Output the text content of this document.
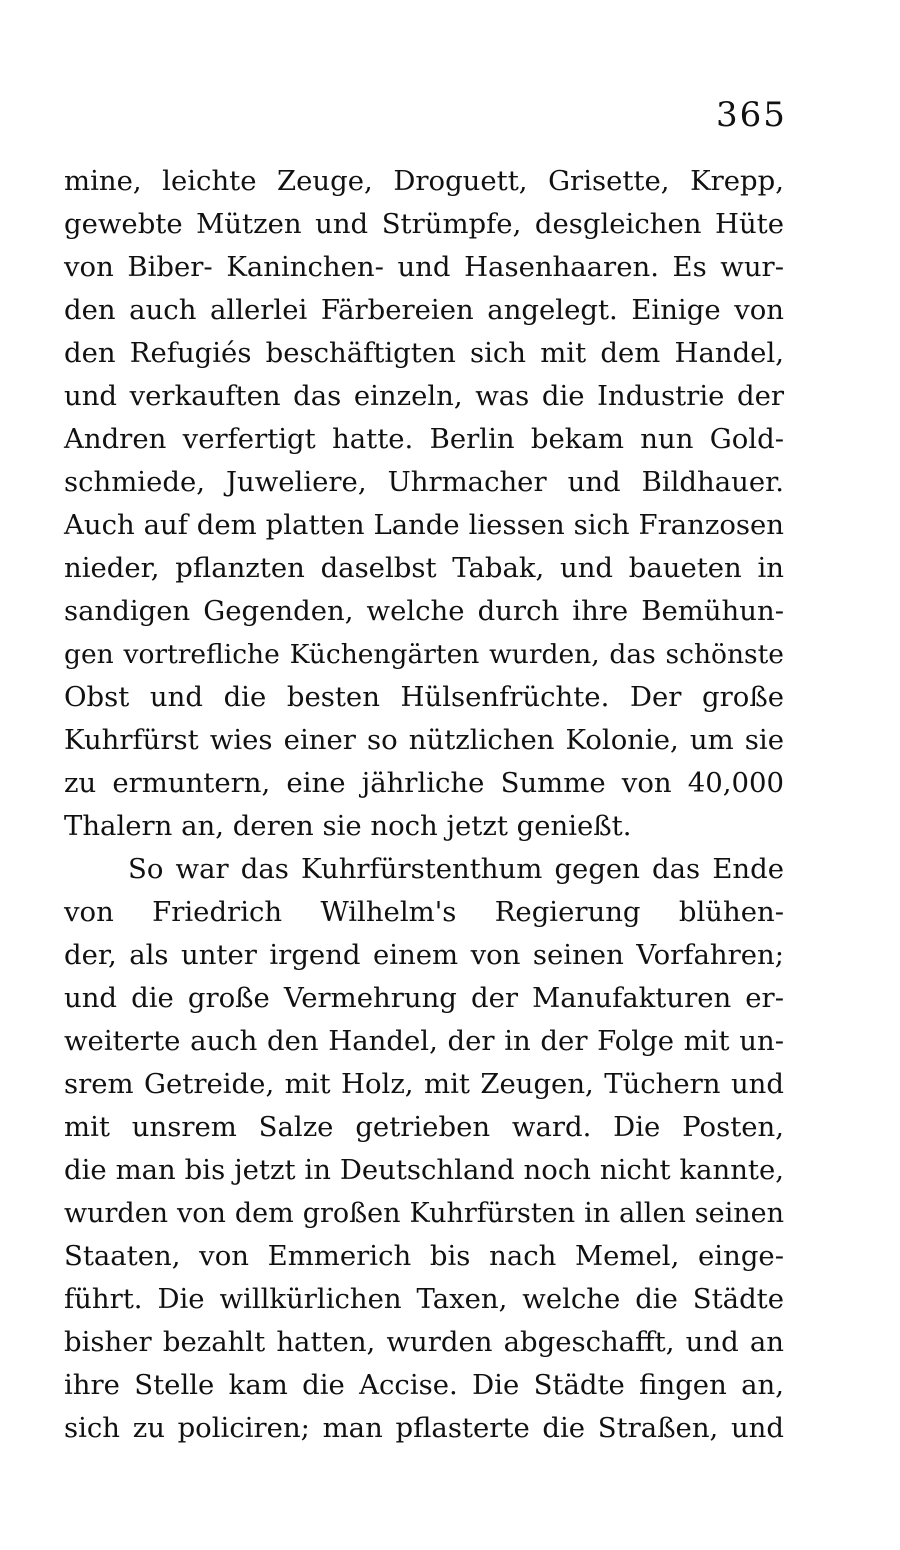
365
mine, leichte Zeuge, Droguett, Grisette, Krepp,
gewebte Mützen und Strümpfe, desgleichen Hüte
von Biber- Kaninchen- und Hasenhaaren. Es wur-
den auch allerlei Färbereien angelegt. Einige von
den Refugiés beschäftigten sich mit dem Handel,
und verkauften das einzeln, was die Industrie der
Andren verfertigt hatte. Berlin bekam nun Gold-
schmiede, Juweliere, Uhrmacher und Bildhauer.
Auch auf dem platten Lande liessen sich Franzosen
nieder, pflanzten daselbst Tabak, und baueten in
sandigen Gegenden, welche durch ihre Bemühun-
gen vortrefliche Küchengärten wurden, das schönste
Obst und die besten Hülsenfrüchte. Der große
Kuhrfürst wies einer so nützlichen Kolonie, um sie
zu ermuntern, eine jährliche Summe von 40,000
Thalern an, deren sie noch jetzt genießt.
So war das Kuhrfürstenthum gegen das Ende
von Friedrich Wilhelm's Regierung blühen-
der, als unter irgend einem von seinen Vorfahren;
und die große Vermehrung der Manufakturen er-
weiterte auch den Handel, der in der Folge mit un-
srem Getreide, mit Holz, mit Zeugen, Tüchern und
mit unsrem Salze getrieben ward. Die Posten,
die man bis jetzt in Deutschland noch nicht kannte,
wurden von dem großen Kuhrfürsten in allen seinen
Staaten, von Emmerich bis nach Memel, einge-
führt. Die willkürlichen Taxen, welche die Städte
bisher bezahlt hatten, wurden abgeschafft, und an
ihre Stelle kam die Accise. Die Städte fingen an,
sich zu policiren; man pflasterte die Straßen, und
